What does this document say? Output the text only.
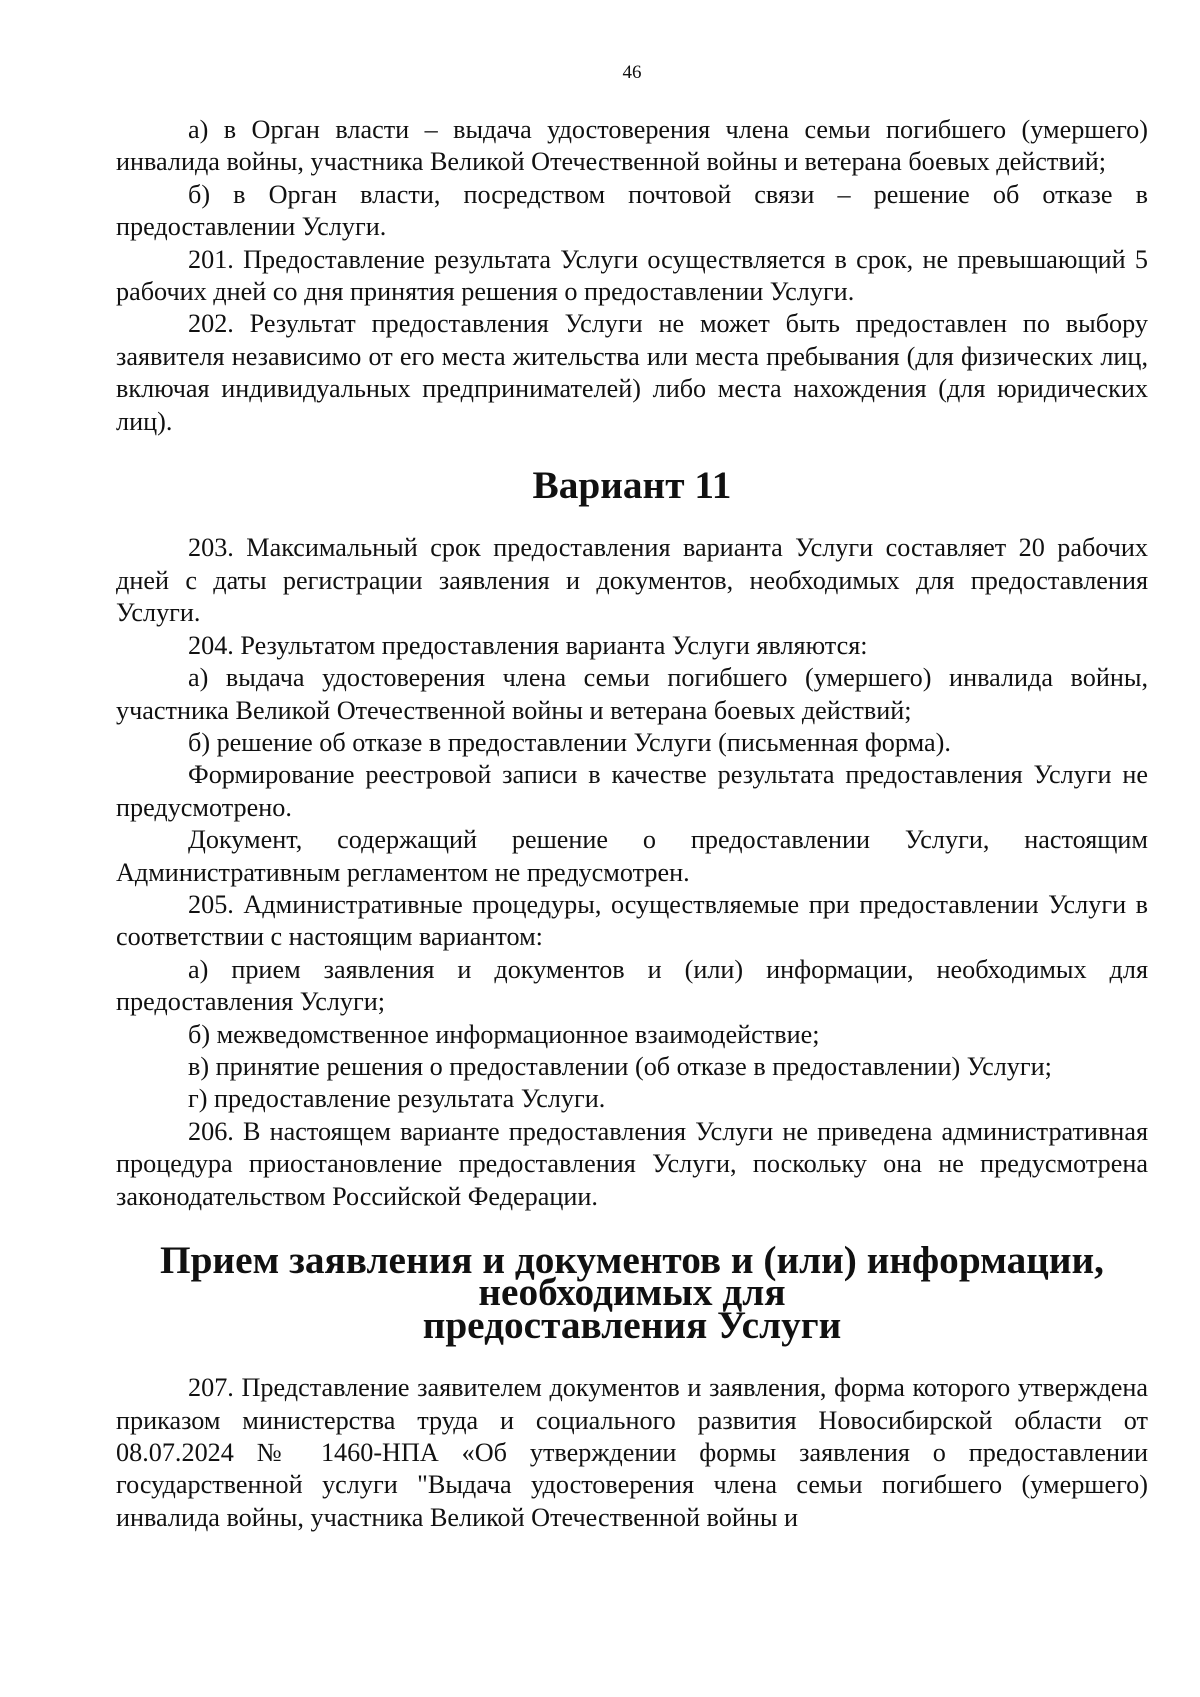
46

а) в Орган власти – выдача удостоверения члена семьи погибшего (умершего) инвалида войны, участника Великой Отечественной войны и ветерана боевых действий;

б) в Орган власти, посредством почтовой связи – решение об отказе в предоставлении Услуги.

201. Предоставление результата Услуги осуществляется в срок, не превышающий 5 рабочих дней со дня принятия решения о предоставлении Услуги.

202. Результат предоставления Услуги не может быть предоставлен по выбору заявителя независимо от его места жительства или места пребывания (для физических лиц, включая индивидуальных предпринимателей) либо места нахождения (для юридических лиц).

Вариант 11

203. Максимальный срок предоставления варианта Услуги составляет 20 рабочих дней с даты регистрации заявления и документов, необходимых для предоставления Услуги.

204. Результатом предоставления варианта Услуги являются:

а) выдача удостоверения члена семьи погибшего (умершего) инвалида войны, участника Великой Отечественной войны и ветерана боевых действий;

б) решение об отказе в предоставлении Услуги (письменная форма).

Формирование реестровой записи в качестве результата предоставления Услуги не предусмотрено.

Документ, содержащий решение о предоставлении Услуги, настоящим Административным регламентом не предусмотрен.

205. Административные процедуры, осуществляемые при предоставлении Услуги в соответствии с настоящим вариантом:

а) прием заявления и документов и (или) информации, необходимых для предоставления Услуги;

б) межведомственное информационное взаимодействие;

в) принятие решения о предоставлении (об отказе в предоставлении) Услуги;

г) предоставление результата Услуги.

206. В настоящем варианте предоставления Услуги не приведена административная процедура приостановление предоставления Услуги, поскольку она не предусмотрена законодательством Российской Федерации.

Прием заявления и документов и (или) информации, необходимых для
предоставления Услуги

207. Представление заявителем документов и заявления, форма которого утверждена приказом министерства труда и социального развития Новосибирской области от 08.07.2024 № 1460-НПА «Об утверждении формы заявления о предоставлении государственной услуги "Выдача удостоверения члена семьи погибшего (умершего) инвалида войны, участника Великой Отечественной войны и
